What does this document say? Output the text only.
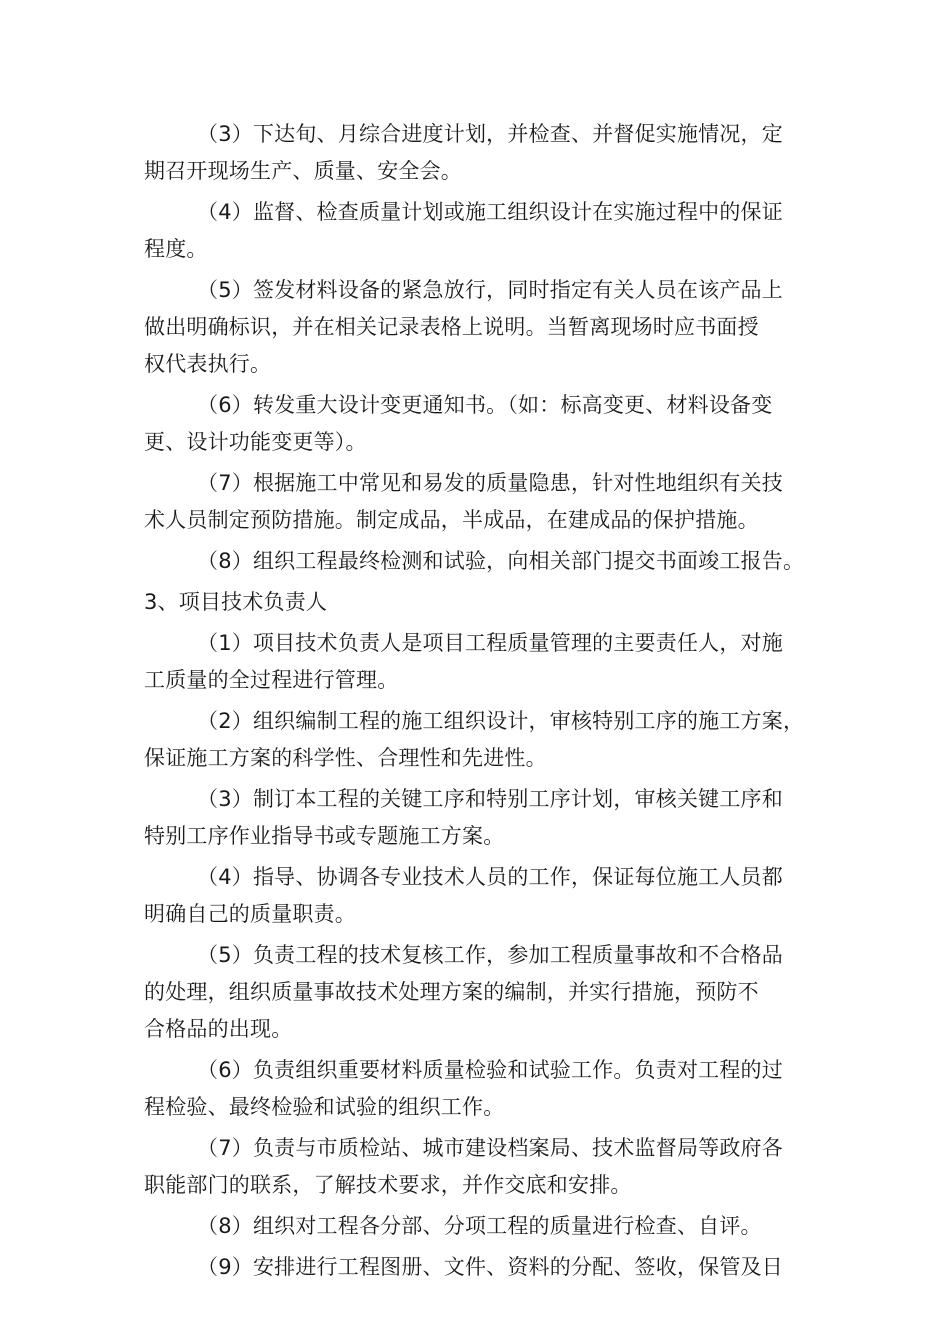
（3）下达旬、月综合进度计划，并检查、并督促实施情况，定
期召开现场生产、质量、安全会。
（4）监督、检查质量计划或施工组织设计在实施过程中的保证
程度。
（5）签发材料设备的紧急放行，同时指定有关人员在该产品上
做出明确标识，并在相关记录表格上说明。当暂离现场时应书面授
权代表执行。
（6）转发重大设计变更通知书。（如：标高变更、材料设备变
更、设计功能变更等）。
（7）根据施工中常见和易发的质量隐患，针对性地组织有关技
术人员制定预防措施。制定成品，半成品，在建成品的保护措施。
（8）组织工程最终检测和试验，向相关部门提交书面竣工报告。
3、项目技术负责人
（1）项目技术负责人是项目工程质量管理的主要责任人，对施
工质量的全过程进行管理。
（2）组织编制工程的施工组织设计，审核特别工序的施工方案，
保证施工方案的科学性、合理性和先进性。
（3）制订本工程的关键工序和特别工序计划，审核关键工序和
特别工序作业指导书或专题施工方案。
（4）指导、协调各专业技术人员的工作，保证每位施工人员都
明确自己的质量职责。
（5）负责工程的技术复核工作，参加工程质量事故和不合格品
的处理，组织质量事故技术处理方案的编制，并实行措施，预防不
合格品的出现。
（6）负责组织重要材料质量检验和试验工作。负责对工程的过
程检验、最终检验和试验的组织工作。
（7）负责与市质检站、城市建设档案局、技术监督局等政府各
职能部门的联系，了解技术要求，并作交底和安排。
（8）组织对工程各分部、分项工程的质量进行检查、自评。
（9）安排进行工程图册、文件、资料的分配、签收，保管及日
